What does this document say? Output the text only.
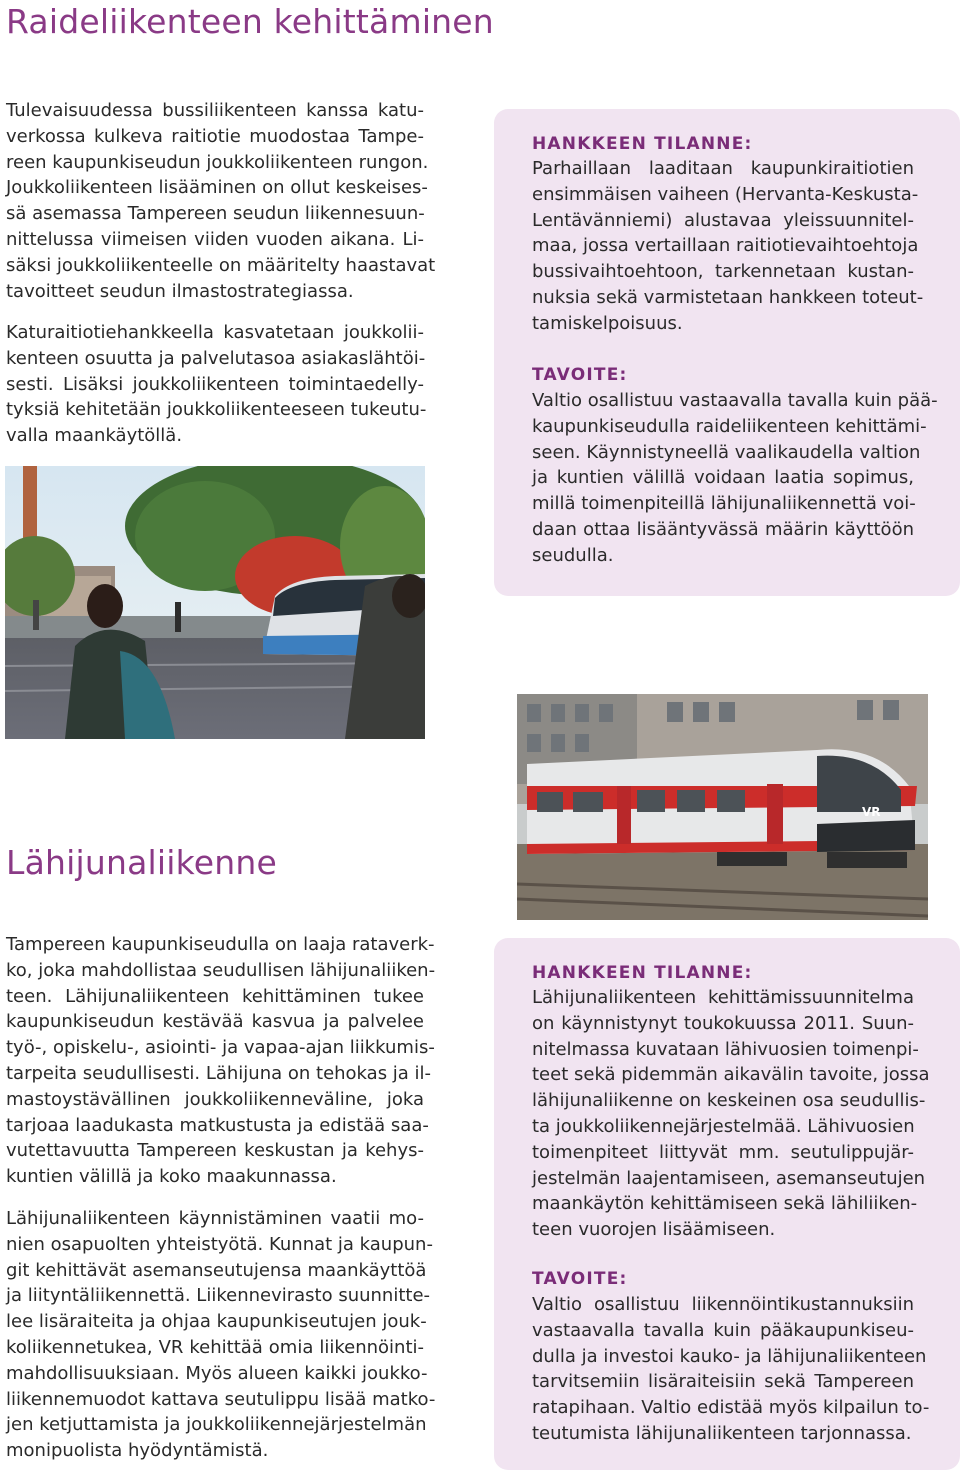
Raideliikenteen kehittäminen
Tulevaisuudessa bussiliikenteen kanssa katu-
verkossa kulkeva raitiotie muodostaa Tampe-
reen kaupunkiseudun joukkoliikenteen rungon.
Joukkoliikenteen lisääminen on ollut keskeises-
sä asemassa Tampereen seudun liikennesuun-
nittelussa viimeisen viiden vuoden aikana. Li-
säksi joukkoliikenteelle on määritelty haastavat
tavoitteet seudun ilmastostrategiassa.
Katuraitiotiehankkeella kasvatetaan joukkolii-
kenteen osuutta ja palvelutasoa asiakaslähtöi-
sesti. Lisäksi joukkoliikenteen toimintaedelly-
tyksiä kehitetään joukkoliikenteeseen tukeutu-
valla maankäytöllä.
HANKKEEN TILANNE:
Parhaillaan laaditaan kaupunkiraitiotien
ensimmäisen vaiheen (Hervanta-Keskusta-
Lentävänniemi) alustavaa yleissuunnitel-
maa, jossa vertaillaan raitiotievaihtoehtoja
bussivaihtoehtoon, tarkennetaan kustan-
nuksia sekä varmistetaan hankkeen toteut-
tamiskelpoisuus.
TAVOITE:
Valtio osallistuu vastaavalla tavalla kuin pää-
kaupunkiseudulla raideliikenteen kehittämi-
seen. Käynnistyneellä vaalikaudella valtion
ja kuntien välillä voidaan laatia sopimus,
millä toimenpiteillä lähijunaliikennettä voi-
daan ottaa lisääntyvässä määrin käyttöön
seudulla.
VR
Lähijunaliikenne
Tampereen kaupunkiseudulla on laaja rataverk-
ko, joka mahdollistaa seudullisen lähijunaliiken-
teen. Lähijunaliikenteen kehittäminen tukee
kaupunkiseudun kestävää kasvua ja palvelee
työ-, opiskelu-, asiointi- ja vapaa-ajan liikkumis-
tarpeita seudullisesti. Lähijuna on tehokas ja il-
mastoystävällinen joukkoliikenneväline, joka
tarjoaa laadukasta matkustusta ja edistää saa-
vutettavuutta Tampereen keskustan ja kehys-
kuntien välillä ja koko maakunnassa.
Lähijunaliikenteen käynnistäminen vaatii mo-
nien osapuolten yhteistyötä. Kunnat ja kaupun-
git kehittävät asemanseutujensa maankäyttöä
ja liityntäliikennettä. Liikennevirasto suunnitte-
lee lisäraiteita ja ohjaa kaupunkiseutujen jouk-
koliikennetukea, VR kehittää omia liikennöinti-
mahdollisuuksiaan. Myös alueen kaikki joukko-
liikennemuodot kattava seutulippu lisää matko-
jen ketjuttamista ja joukkoliikennejärjestelmän
monipuolista hyödyntämistä.
HANKKEEN TILANNE:
Lähijunaliikenteen kehittämissuunnitelma
on käynnistynyt toukokuussa 2011. Suun-
nitelmassa kuvataan lähivuosien toimenpi-
teet sekä pidemmän aikavälin tavoite, jossa
lähijunaliikenne on keskeinen osa seudullis-
ta joukkoliikennejärjestelmää. Lähivuosien
toimenpiteet liittyvät mm. seutulippujär-
jestelmän laajentamiseen, asemanseutujen
maankäytön kehittämiseen sekä lähiliiken-
teen vuorojen lisäämiseen.
TAVOITE:
Valtio osallistuu liikennöintikustannuksiin
vastaavalla tavalla kuin pääkaupunkiseu-
dulla ja investoi kauko- ja lähijunaliikenteen
tarvitsemiin lisäraiteisiin sekä Tampereen
ratapihaan. Valtio edistää myös kilpailun to-
teutumista lähijunaliikenteen tarjonnassa.
